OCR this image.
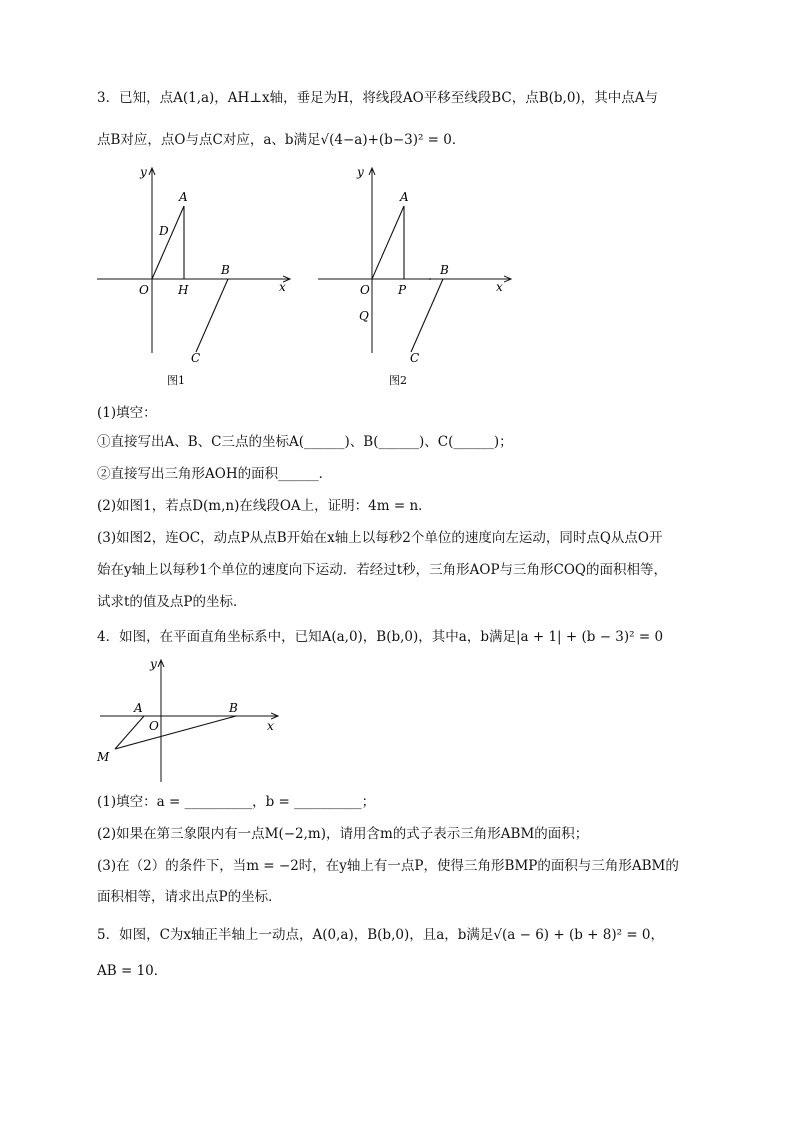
3．已知，点A(1,a)，AH⊥x轴，垂足为H，将线段AO平移至线段BC，点B(b,0)，其中点A与
点B对应，点O与点C对应，a、b满足√(4−a)+(b−3)² = 0．
y
x
A
D
O H
B
C
图1
y
x
A
O P
Q
B
C
图2
(1)填空：
①直接写出A、B、C三点的坐标A(______)、B(______)、C(______)；
②直接写出三角形AOH的面积______．
(2)如图1，若点D(m,n)在线段OA上，证明：4m = n．
(3)如图2，连OC，动点P从点B开始在x轴上以每秒2个单位的速度向左运动，同时点Q从点O开
始在y轴上以每秒1个单位的速度向下运动．若经过t秒，三角形AOP与三角形COQ的面积相等，
试求t的值及点P的坐标．
4．如图，在平面直角坐标系中，已知A(a,0)，B(b,0)，其中a，b满足|a + 1| + (b − 3)² = 0
y
x
A
O
B
M
(1)填空：a = __________，b = __________；
(2)如果在第三象限内有一点M(−2,m)，请用含m的式子表示三角形ABM的面积；
(3)在（2）的条件下，当m = −2时，在y轴上有一点P，使得三角形BMP的面积与三角形ABM的
面积相等，请求出点P的坐标．
5．如图，C为x轴正半轴上一动点，A(0,a)，B(b,0)，且a，b满足√(a − 6) + (b + 8)² = 0，
AB = 10．
